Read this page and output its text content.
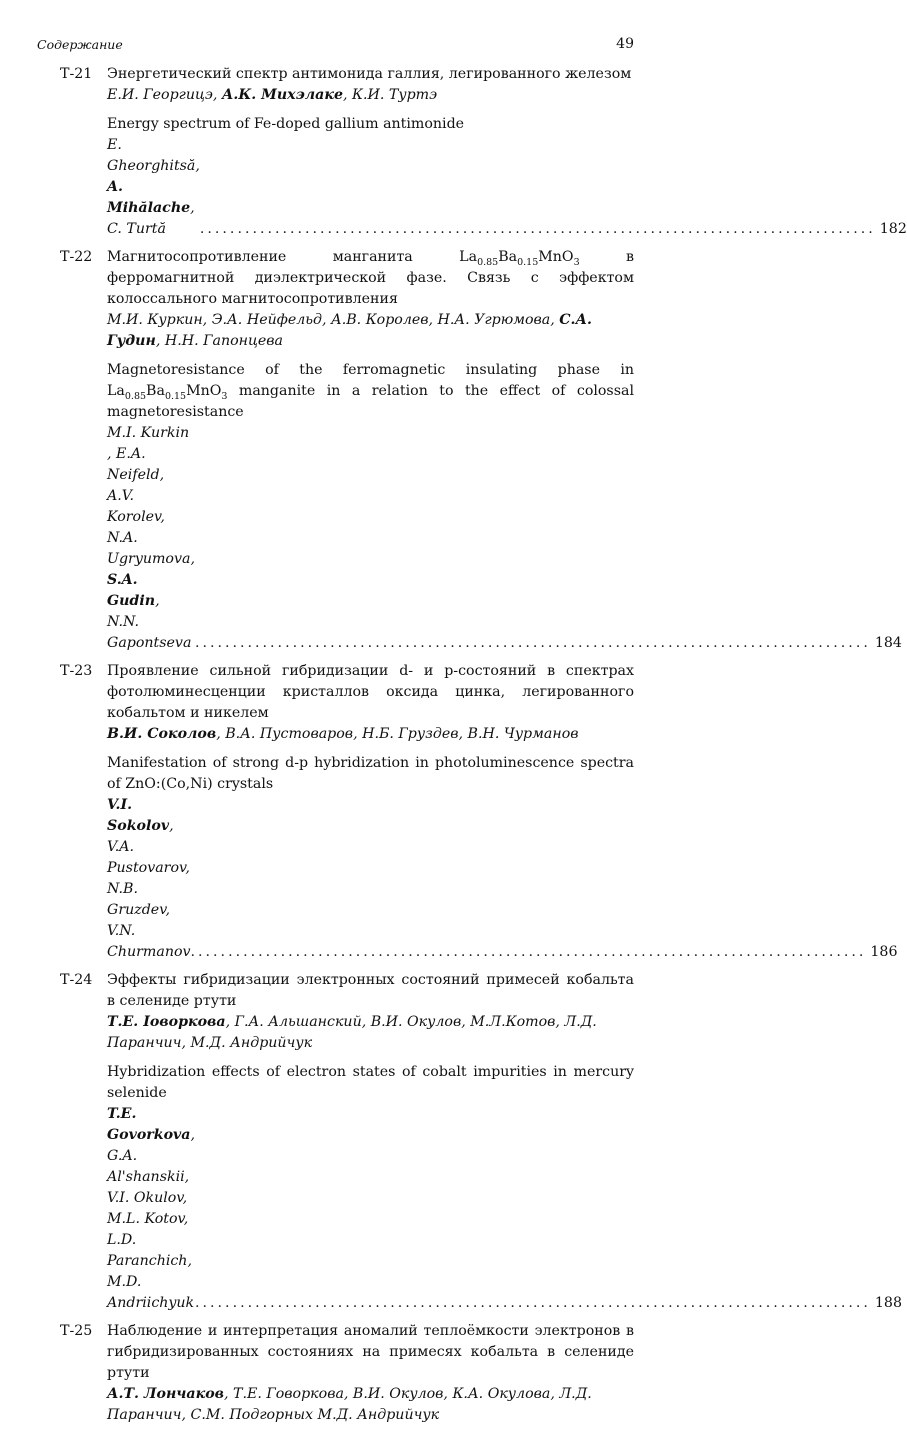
Содержание	49
Т-21 Энергетический спектр антимонида галлия, легированного железом

Е.И. Георгицэ, А.К. Михэлаке, К.И. Туртэ

Energy spectrum of Fe-doped gallium antimonide

E. Gheorghitsă, A. Mihălache, C. Turtă	.......................................................................................... 182
Т-22 Магнитосопротивление манганита $La_{0.85}Ba_{0.15}MnO_3$ в ферромагнитной диэлектрической фазе. Связь с эффектом колоссального магнитосопротивления

М.И. Куркин, Э.А. Нейфельд, А.В. Королев, Н.А. Угрюмова, С.А. Гудин, Н.Н. Гапонцева

Magnetoresistance of the ferromagnetic insulating phase in $La_{0.85}Ba_{0.15}MnO_3$ manganite in a relation to the effect of colossal magnetoresistance

M.I. Kurkin , E.A. Neifeld, A.V. Korolev, N.A. Ugryumova, S.A. Gudin, N.N. Gapontseva .......................................................................................... 184
Т-23 Проявление сильной гибридизации d- и p-состояний в спектрах фотолюминесценции кристаллов оксида цинка, легированного кобальтом и никелем

В.И. Соколов, В.А. Пустоваров, Н.Б. Груздев, В.Н. Чурманов

Manifestation of strong d-p hybridization in photoluminescence spectra of ZnO:(Co,Ni) crystals

V.I. Sokolov, V.A. Pustovarov, N.B. Gruzdev, V.N. Churmanov .......................................................................................... 186
Т-24 Эффекты гибридизации электронных состояний примесей кобальта в селениде ртути

Т.Е. Іоворкова, Г.А. Альшанский, В.И. Окулов, М.Л.Котов, Л.Д. Паранчич, М.Д. Андрийчук

Hybridization effects of electron states of cobalt impurities in mercury selenide

T.E. Govorkova, G.A. Al'shanskii, V.I. Okulov, M.L. Kotov, L.D. Paranchich, M.D. Andriichyuk .......................................................................................... 188
Т-25 Наблюдение и интерпретация аномалий теплоёмкости электронов в гибридизированных состояниях на примесях кобальта в селениде ртути

А.Т. Лончаков, Т.Е. Говоркова, В.И. Окулов, К.А. Окулова, Л.Д. Паранчич, С.М. Подгорных М.Д. Андрийчук
